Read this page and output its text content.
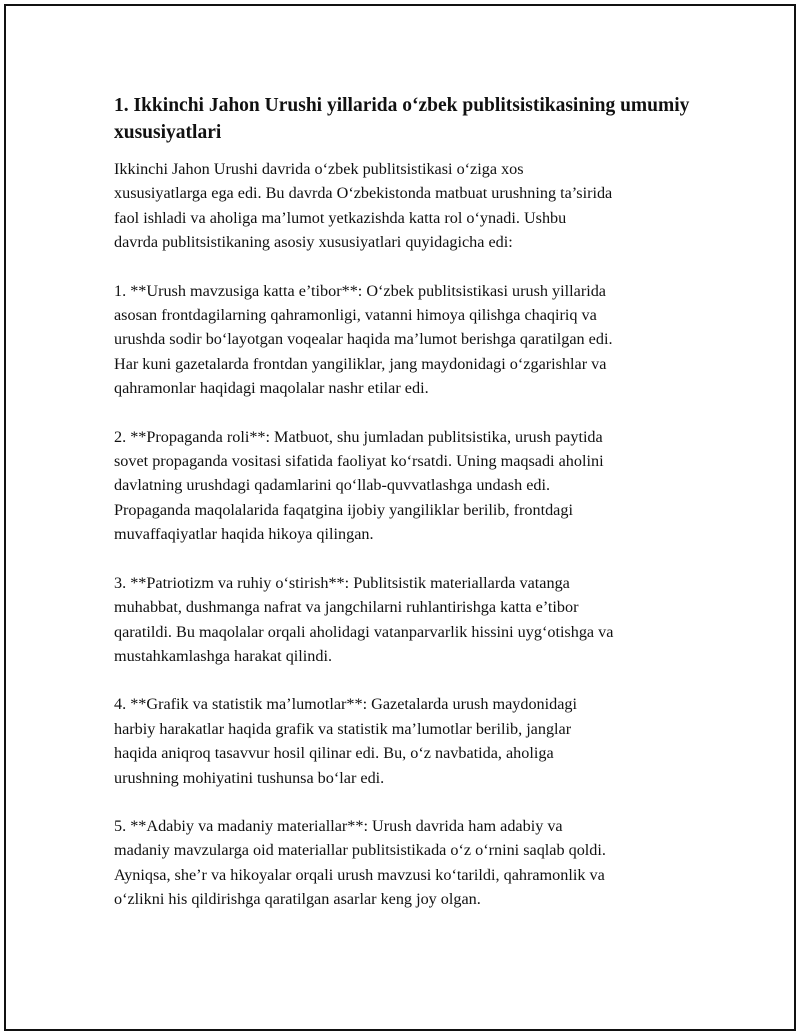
1. Ikkinchi Jahon Urushi yillarida o‘zbek publitsistikasining umumiy xususiyatlari

Ikkinchi Jahon Urushi davrida o‘zbek publitsistikasi o‘ziga xos
xususiyatlarga ega edi. Bu davrda O‘zbekistonda matbuat urushning ta’sirida
faol ishladi va aholiga ma’lumot yetkazishda katta rol o‘ynadi. Ushbu
davrda publitsistikaning asosiy xususiyatlari quyidagicha edi:

1. **Urush mavzusiga katta e’tibor**: O‘zbek publitsistikasi urush yillarida
asosan frontdagilarning qahramonligi, vatanni himoya qilishga chaqiriq va
urushda sodir bo‘layotgan voqealar haqida ma’lumot berishga qaratilgan edi.
Har kuni gazetalarda frontdan yangiliklar, jang maydonidagi o‘zgarishlar va
qahramonlar haqidagi maqolalar nashr etilar edi.

2. **Propaganda roli**: Matbuot, shu jumladan publitsistika, urush paytida
sovet propaganda vositasi sifatida faoliyat ko‘rsatdi. Uning maqsadi aholini
davlatning urushdagi qadamlarini qo‘llab-quvvatlashga undash edi.
Propaganda maqolalarida faqatgina ijobiy yangiliklar berilib, frontdagi
muvaffaqiyatlar haqida hikoya qilingan.

3. **Patriotizm va ruhiy o‘stirish**: Publitsistik materiallarda vatanga
muhabbat, dushmanga nafrat va jangchilarni ruhlantirishga katta e’tibor
qaratildi. Bu maqolalar orqali aholidagi vatanparvarlik hissini uyg‘otishga va
mustahkamlashga harakat qilindi.

4. **Grafik va statistik ma’lumotlar**: Gazetalarda urush maydonidagi
harbiy harakatlar haqida grafik va statistik ma’lumotlar berilib, janglar
haqida aniqroq tasavvur hosil qilinar edi. Bu, o‘z navbatida, aholiga
urushning mohiyatini tushunsa bo‘lar edi.

5. **Adabiy va madaniy materiallar**: Urush davrida ham adabiy va
madaniy mavzularga oid materiallar publitsistikada o‘z o‘rnini saqlab qoldi.
Ayniqsa, she’r va hikoyalar orqali urush mavzusi ko‘tarildi, qahramonlik va
o‘zlikni his qildirishga qaratilgan asarlar keng joy olgan.
